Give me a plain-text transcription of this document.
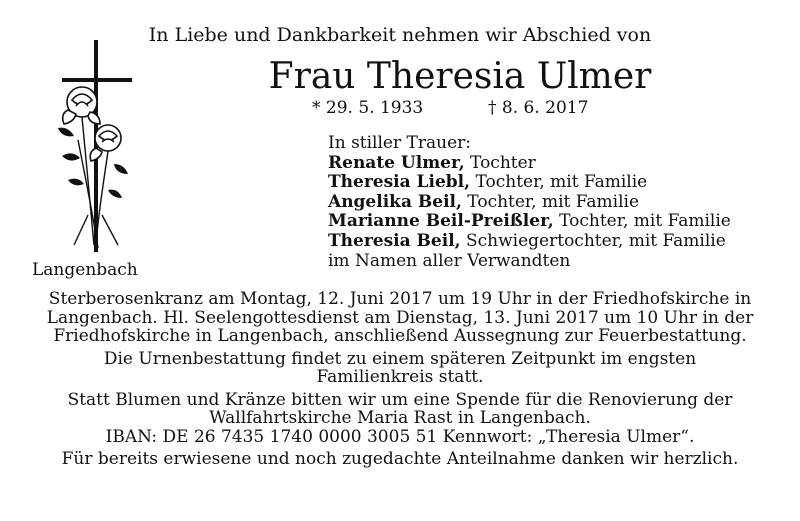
In Liebe und Dankbarkeit nehmen wir Abschied von
Frau Theresia Ulmer
* 29. 5. 1933	† 8. 6. 2017
Langenbach
In stiller Trauer:
Renate Ulmer, Tochter
Theresia Liebl, Tochter, mit Familie
Angelika Beil, Tochter, mit Familie
Marianne Beil-Preißler, Tochter, mit Familie
Theresia Beil, Schwiegertochter, mit Familie
im Namen aller Verwandten

Sterberosenkranz am Montag, 12. Juni 2017 um 19 Uhr in der Friedhofskirche in
Langenbach. Hl. Seelengottesdienst am Dienstag, 13. Juni 2017 um 10 Uhr in der
Friedhofskirche in Langenbach, anschließend Aussegnung zur Feuerbestattung.

Die Urnenbestattung findet zu einem späteren Zeitpunkt im engsten
Familienkreis statt.

Statt Blumen und Kränze bitten wir um eine Spende für die Renovierung der
Wallfahrtskirche Maria Rast in Langenbach.
IBAN: DE 26 7435 1740 0000 3005 51 Kennwort: „Theresia Ulmer“.

Für bereits erwiesene und noch zugedachte Anteilnahme danken wir herzlich.
